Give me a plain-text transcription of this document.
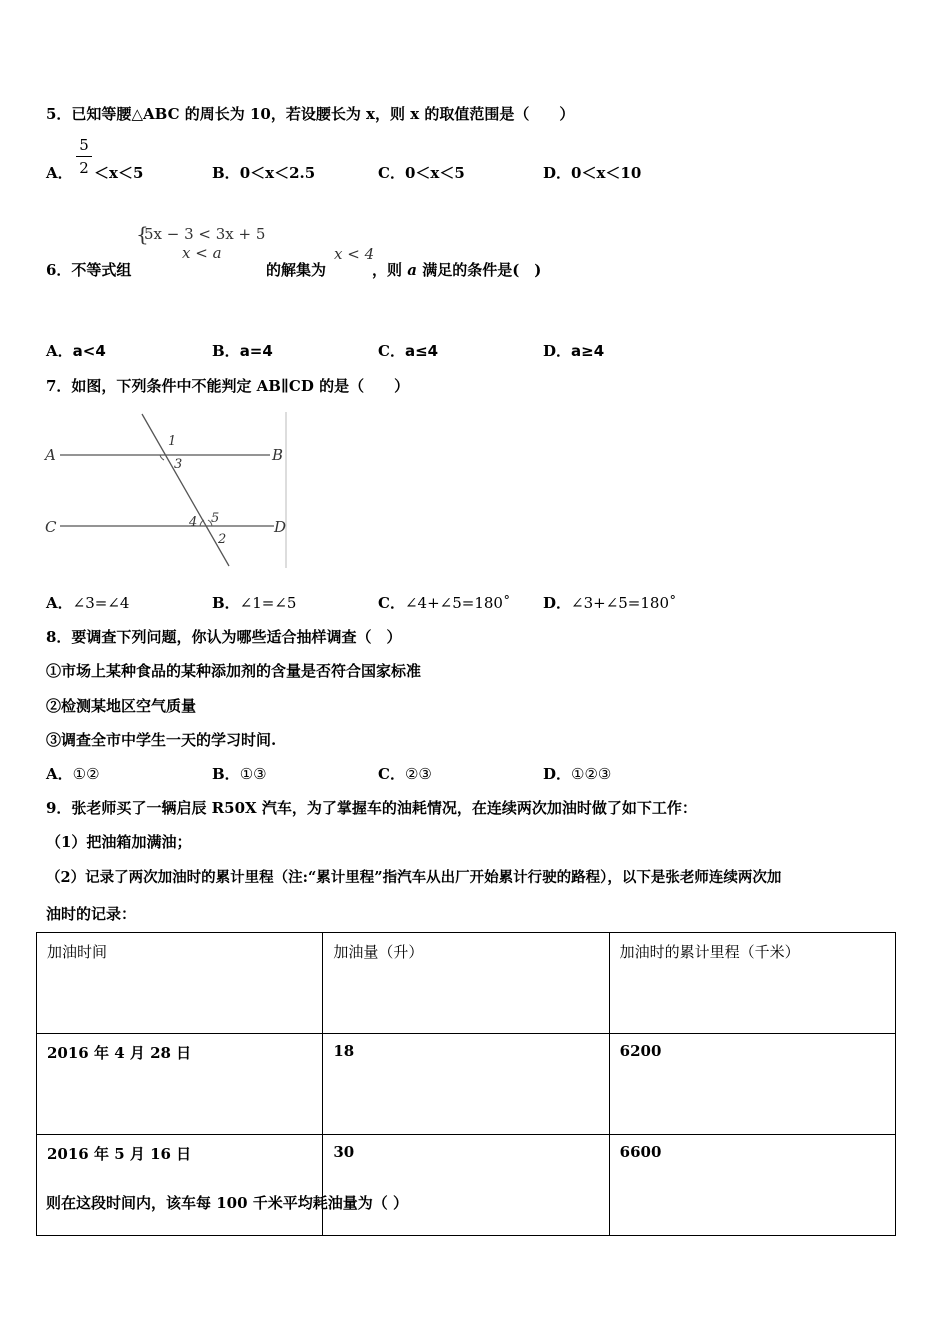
5．已知等腰△ABC 的周长为 10，若设腰长为 x，则 x 的取值范围是（　　）
A．
5
2 ＜x＜5	B．0＜x＜2.5	C．0＜x＜5	D．0＜x＜10
6．不等式组
{
5x − 3 < 3x + 5
x < a
的解集为
x < 4
，则 a 满足的条件是(　)
A．a<4	B．a=4	C．a≤4	D．a≥4
7．如图，下列条件中不能判定 AB∥CD 的是（　　）
A	B
C	D
1
3
4 5
2
A．∠3=∠4	B．∠1=∠5	C．∠4+∠5=180˚ D．∠3+∠5=180˚
8．要调查下列问题，你认为哪些适合抽样调查（　）
①市场上某种食品的某种添加剂的含量是否符合国家标准
②检测某地区空气质量
③调查全市中学生一天的学习时间.
A．①②	B．①③	C．②③	D．①②③
9．张老师买了一辆启辰 R50X 汽车，为了掌握车的油耗情况，在连续两次加油时做了如下工作：
（1）把油箱加满油；
（2）记录了两次加油时的累计里程（注:“累计里程”指汽车从出厂开始累计行驶的路程），以下是张老师连续两次加
油时的记录：
加油时间	加油量（升）	加油时的累计里程（千米）
2016 年 4 月 28 日	18	6200
2016 年 5 月 16 日	30	6600
则在这段时间内，该车每 100 千米平均耗油量为（ ）
